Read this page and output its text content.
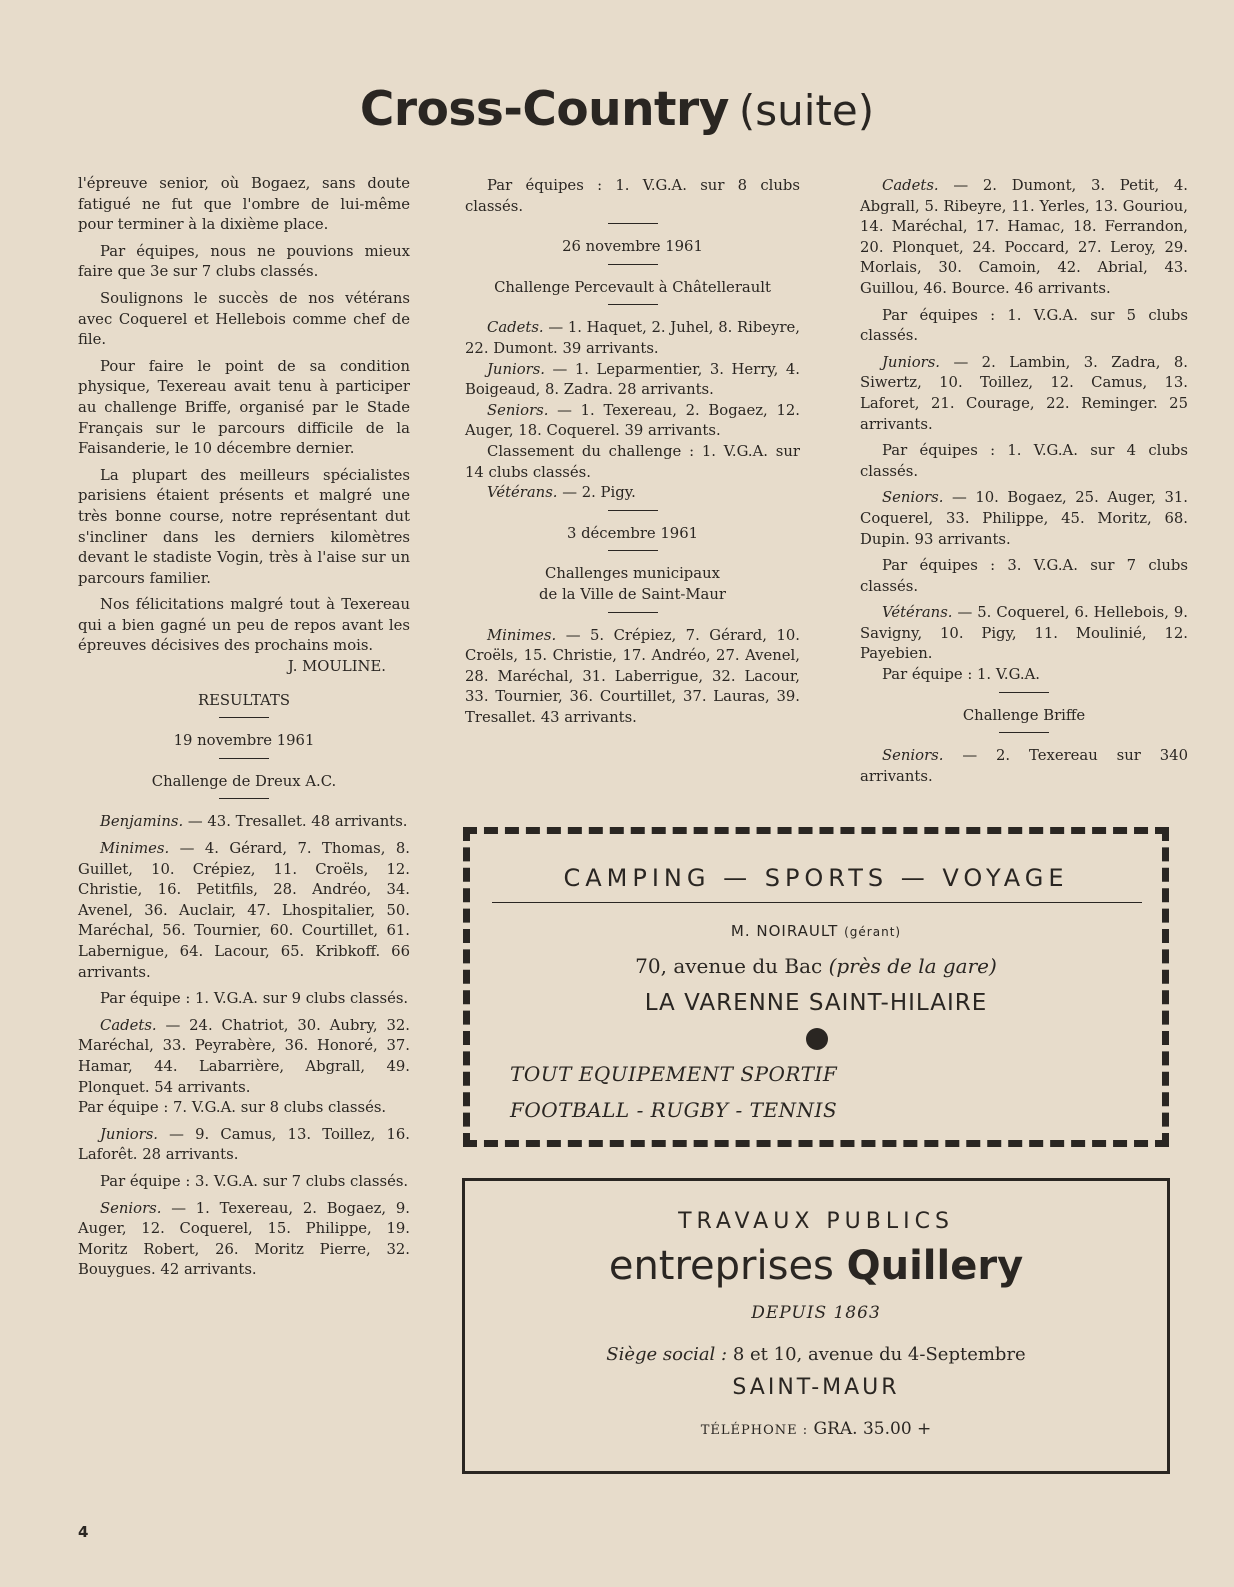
Cross-Country (suite)

l'épreuve senior, où Bogaez, sans doute fatigué ne fut que l'ombre de lui-même pour terminer à la dixième place.

Par équipes, nous ne pouvions mieux faire que 3e sur 7 clubs classés.

Soulignons le succès de nos vétérans avec Coquerel et Hellebois comme chef de file.

Pour faire le point de sa condition physique, Texereau avait tenu à participer au challenge Briffe, organisé par le Stade Français sur le parcours difficile de la Faisanderie, le 10 décembre dernier.

La plupart des meilleurs spécialistes parisiens étaient présents et malgré une très bonne course, notre représentant dut s'incliner dans les derniers kilomètres devant le stadiste Vogin, très à l'aise sur un parcours familier.

Nos félicitations malgré tout à Texereau qui a bien gagné un peu de repos avant les épreuves décisives des prochains mois.

J. MOULINE.
RESULTATS
19 novembre 1961
Challenge de Dreux A.C.

Benjamins. — 43. Tresallet. 48 arrivants.

Minimes. — 4. Gérard, 7. Thomas, 8. Guillet, 10. Crépiez, 11. Croëls, 12. Christie, 16. Petitfils, 28. Andréo, 34. Avenel, 36. Auclair, 47. Lhospitalier, 50. Maréchal, 56. Tournier, 60. Courtillet, 61. Labernigue, 64. Lacour, 65. Kribkoff. 66 arrivants.

Par équipe : 1. V.G.A. sur 9 clubs classés.

Cadets. — 24. Chatriot, 30. Aubry, 32. Maréchal, 33. Peyrabère, 36. Honoré, 37. Hamar, 44. Labarrière, Abgrall, 49. Plonquet. 54 arrivants.

Par équipe : 7. V.G.A. sur 8 clubs classés.

Juniors. — 9. Camus, 13. Toillez, 16. Laforêt. 28 arrivants.

Par équipe : 3. V.G.A. sur 7 clubs classés.

Seniors. — 1. Texereau, 2. Bogaez, 9. Auger, 12. Coquerel, 15. Philippe, 19. Moritz Robert, 26. Moritz Pierre, 32. Bouygues. 42 arrivants.

Par équipes : 1. V.G.A. sur 8 clubs classés.

26 novembre 1961
Challenge Percevault à Châtellerault

Cadets. — 1. Haquet, 2. Juhel, 8. Ribeyre, 22. Dumont. 39 arrivants.

Juniors. — 1. Leparmentier, 3. Herry, 4. Boigeaud, 8. Zadra. 28 arrivants.

Seniors. — 1. Texereau, 2. Bogaez, 12. Auger, 18. Coquerel. 39 arrivants.

Classement du challenge : 1. V.G.A. sur 14 clubs classés.

Vétérans. — 2. Pigy.

3 décembre 1961
Challenges municipaux
de la Ville de Saint-Maur

Minimes. — 5. Crépiez, 7. Gérard, 10. Croëls, 15. Christie, 17. Andréo, 27. Avenel, 28. Maréchal, 31. Laberrigue, 32. Lacour, 33. Tournier, 36. Courtillet, 37. Lauras, 39. Tresallet. 43 arrivants.

Cadets. — 2. Dumont, 3. Petit, 4. Abgrall, 5. Ribeyre, 11. Yerles, 13. Gouriou, 14. Maréchal, 17. Hamac, 18. Ferrandon, 20. Plonquet, 24. Poccard, 27. Leroy, 29. Morlais, 30. Camoin, 42. Abrial, 43. Guillou, 46. Bource. 46 arrivants.

Par équipes : 1. V.G.A. sur 5 clubs classés.

Juniors. — 2. Lambin, 3. Zadra, 8. Siwertz, 10. Toillez, 12. Camus, 13. Laforet, 21. Courage, 22. Reminger. 25 arrivants.

Par équipes : 1. V.G.A. sur 4 clubs classés.

Seniors. — 10. Bogaez, 25. Auger, 31. Coquerel, 33. Philippe, 45. Moritz, 68. Dupin. 93 arrivants.

Par équipes : 3. V.G.A. sur 7 clubs classés.

Vétérans. — 5. Coquerel, 6. Hellebois, 9. Savigny, 10. Pigy, 11. Moulinié, 12. Payebien.

Par équipe : 1. V.G.A.

Challenge Briffe

Seniors. — 2. Texereau sur 340 arrivants.

CAMPING — SPORTS — VOYAGE
M. NOIRAULT (gérant)
70, avenue du Bac (près de la gare)
LA VARENNE SAINT-HILAIRE
TOUT EQUIPEMENT SPORTIF
FOOTBALL - RUGBY - TENNIS
TRAVAUX PUBLICS
entreprises Quillery
DEPUIS 1863
Siège social : 8 et 10, avenue du 4-Septembre
SAINT-MAUR
TÉLÉPHONE : GRA. 35.00 +
4
